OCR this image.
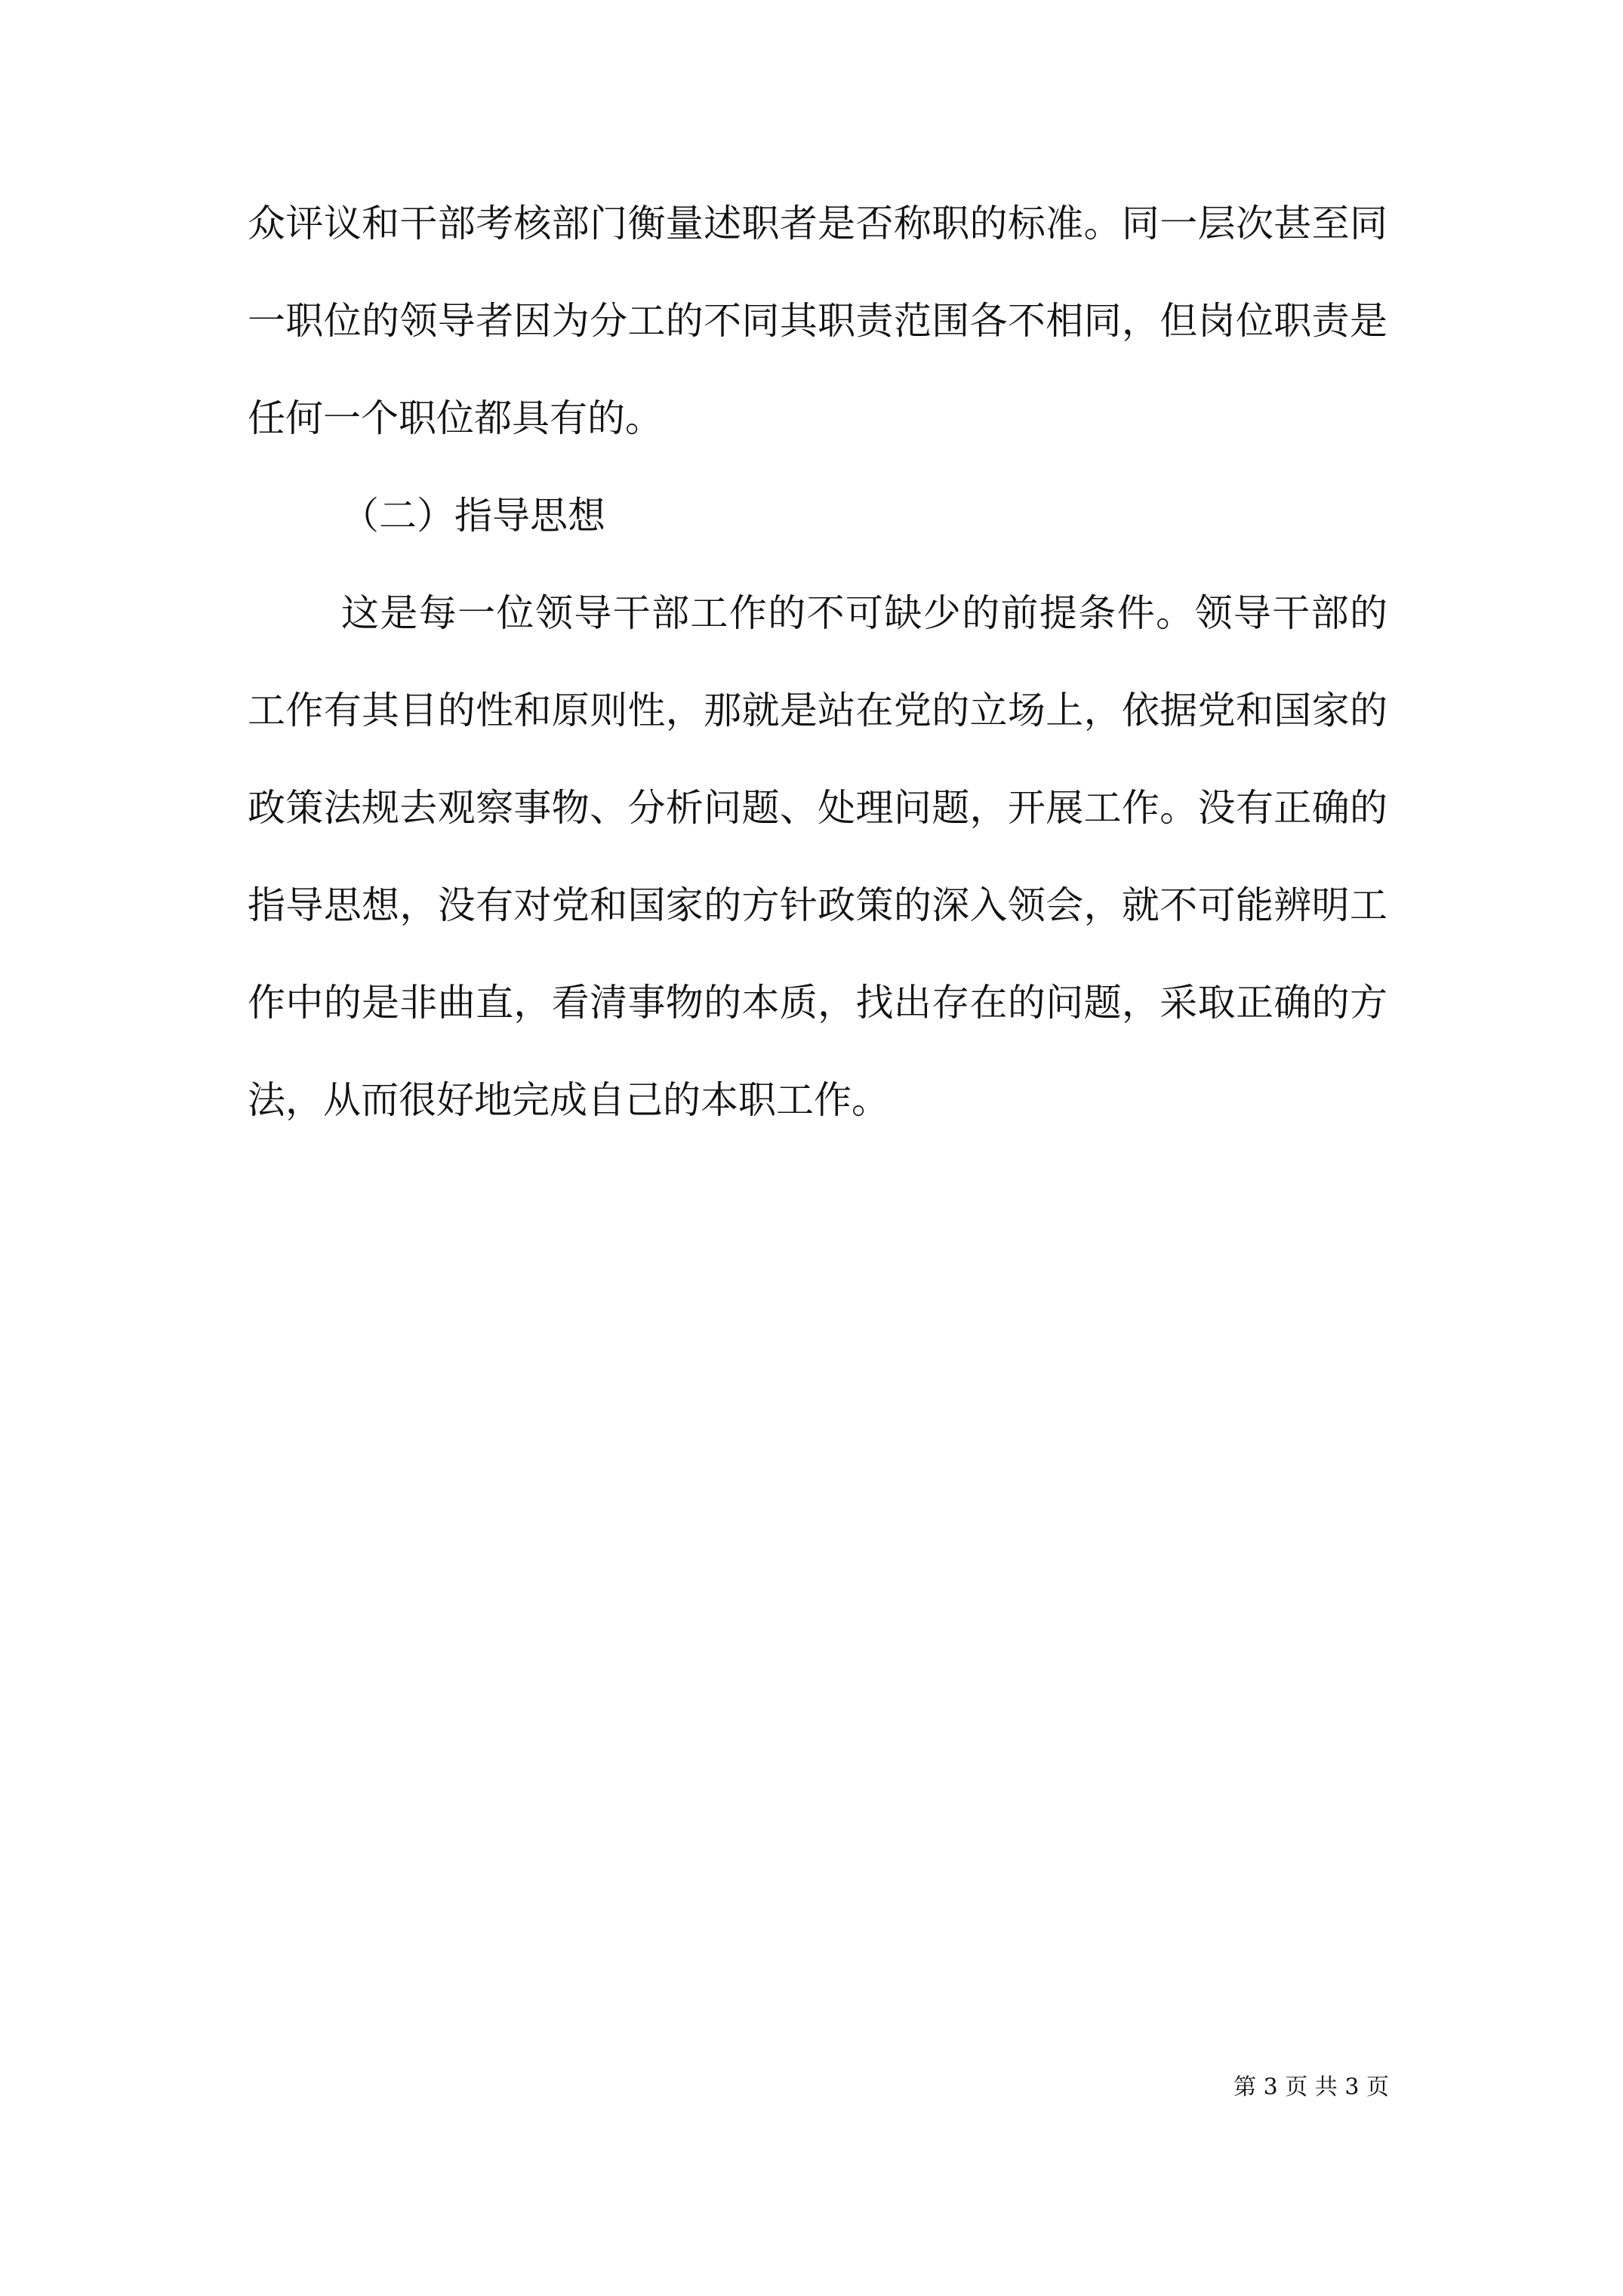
众评议和干部考核部门衡量述职者是否称职的标准。同一层次甚至同
一职位的领导者因为分工的不同其职责范围各不相同，但岗位职责是
任何一个职位都具有的。
（二）指导思想
这是每一位领导干部工作的不可缺少的前提条件。领导干部的
工作有其目的性和原则性，那就是站在党的立场上，依据党和国家的
政策法规去观察事物、分析问题、处理问题，开展工作。没有正确的
指导思想，没有对党和国家的方针政策的深入领会，就不可能辨明工
作中的是非曲直，看清事物的本质，找出存在的问题，采取正确的方
法，从而很好地完成自己的本职工作。
第 3 页 共 3 页
